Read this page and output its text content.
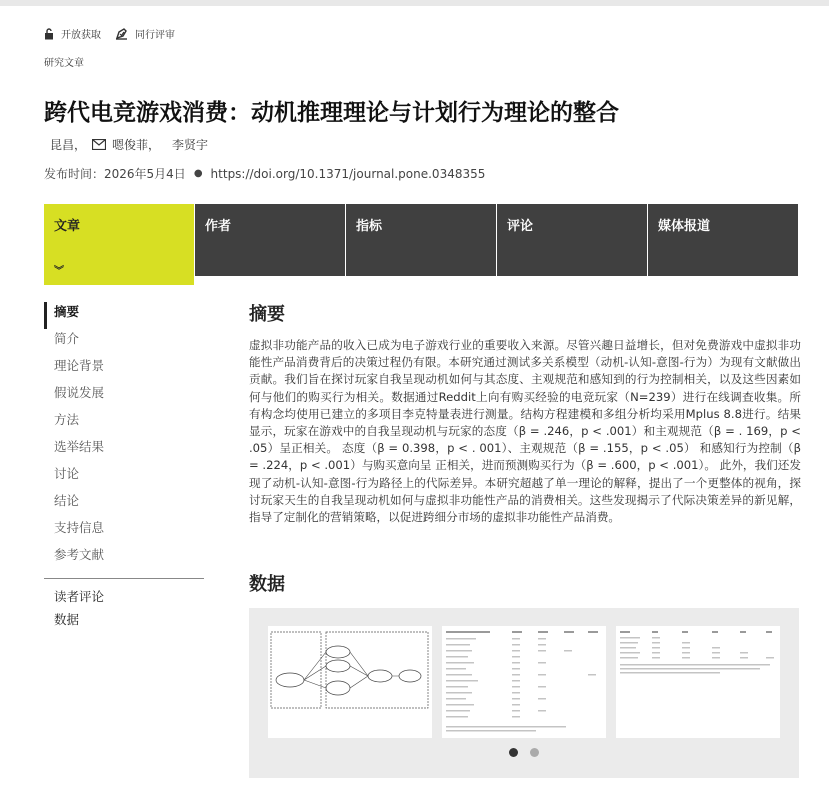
开放获取	同行评审
研究文章
跨代电竞游戏消费：动机推理理论与计划行为理论的整合
昆昌， 嗯俊菲， 李贤宇
发布时间：2026年5月4日 ● https://doi.org/10.1371/journal.pone.0348355
文章
︾
作者	指标	评论	媒体报道
摘要
简介
理论背景
假说发展
方法
选举结果
讨论
结论
支持信息
参考文献
读者评论
数据
摘要

虚拟非功能产品的收入已成为电子游戏行业的重要收入来源。尽管兴趣日益增长，但对免费游戏中虚拟非功能性产品消费背后的决策过程仍有限。本研究通过测试多关系模型（动机-认知-意图-行为）为现有文献做出贡献。我们旨在探讨玩家自我呈现动机如何与其态度、主观规范和感知到的行为控制相关，以及这些因素如何与他们的购买行为相关。数据通过Reddit上向有购买经验的电竞玩家（N=239）进行在线调查收集。所有构念均使用已建立的多项目李克特量表进行测量。结构方程建模和多组分析均采用Mplus 8.8进行。结果显示，玩家在游戏中的自我呈现动机与玩家的态度（β = .246，p < .001）和主观规范（β = . 169，p < .05）呈正相关。 态度（β = 0.398，p < . 001）、主观规范（β = .155，p < .05） 和感知行为控制（β = .224，p < .001）与购买意向呈 正相关，进而预测购买行为（β = .600，p < .001）。 此外，我们还发现了动机-认知-意图-行为路径上的代际差异。本研究超越了单一理论的解释，提出了一个更整体的视角，探讨玩家天生的自我呈现动机如何与虚拟非功能性产品的消费相关。这些发现揭示了代际决策差异的新见解，指导了定制化的营销策略，以促进跨细分市场的虚拟非功能性产品消费。

数据
